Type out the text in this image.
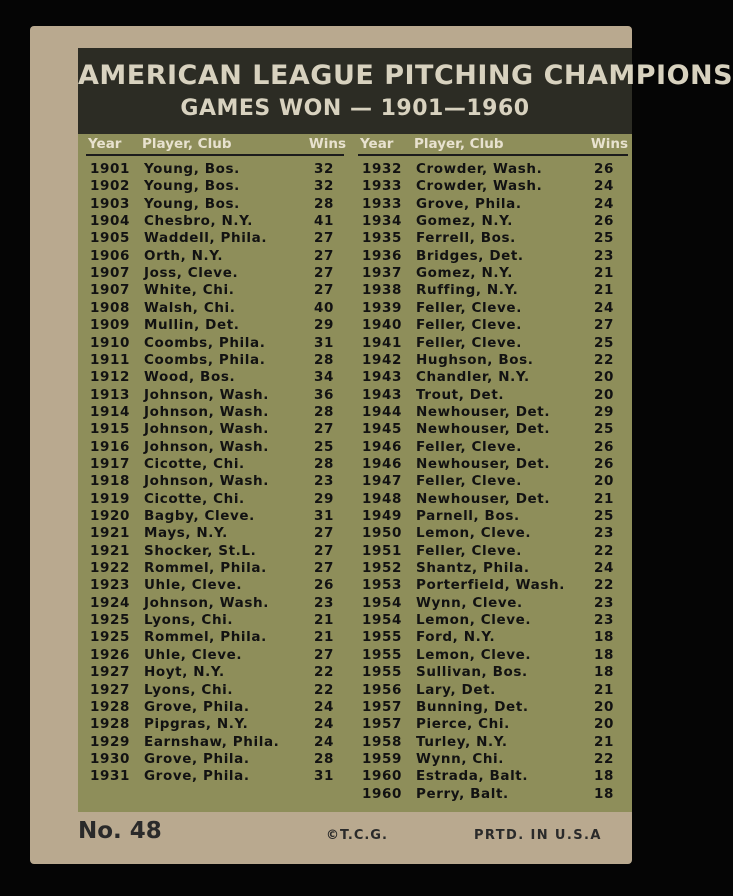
AMERICAN LEAGUE PITCHING CHAMPIONS
GAMES WON — 1901—1960
Year Player, Club	Wins Year Player, Club	Wins
1901 Young, Bos.	32
1902 Young, Bos.	32
1903 Young, Bos.	28
1904 Chesbro, N.Y.	41
1905 Waddell, Phila.	27
1906 Orth, N.Y.	27
1907 Joss, Cleve.	27
1907 White, Chi.	27
1908 Walsh, Chi.	40
1909 Mullin, Det.	29
1910 Coombs, Phila.	31
1911 Coombs, Phila.	28
1912 Wood, Bos.	34
1913 Johnson, Wash.	36
1914 Johnson, Wash.	28
1915 Johnson, Wash.	27
1916 Johnson, Wash.	25
1917 Cicotte, Chi.	28
1918 Johnson, Wash.	23
1919 Cicotte, Chi.	29
1920 Bagby, Cleve.	31
1921 Mays, N.Y.	27
1921 Shocker, St.L.	27
1922 Rommel, Phila.	27
1923 Uhle, Cleve.	26
1924 Johnson, Wash.	23
1925 Lyons, Chi.	21
1925 Rommel, Phila.	21
1926 Uhle, Cleve.	27
1927 Hoyt, N.Y.	22
1927 Lyons, Chi.	22
1928 Grove, Phila.	24
1928 Pipgras, N.Y.	24
1929 Earnshaw, Phila.	24
1930 Grove, Phila.	28
1931 Grove, Phila.	31
1932 Crowder, Wash.	26
1933 Crowder, Wash.	24
1933 Grove, Phila.	24
1934 Gomez, N.Y.	26
1935 Ferrell, Bos.	25
1936 Bridges, Det.	23
1937 Gomez, N.Y.	21
1938 Ruffing, N.Y.	21
1939 Feller, Cleve.	24
1940 Feller, Cleve.	27
1941 Feller, Cleve.	25
1942 Hughson, Bos.	22
1943 Chandler, N.Y.	20
1943 Trout, Det.	20
1944 Newhouser, Det.	29
1945 Newhouser, Det.	25
1946 Feller, Cleve.	26
1946 Newhouser, Det.	26
1947 Feller, Cleve.	20
1948 Newhouser, Det.	21
1949 Parnell, Bos.	25
1950 Lemon, Cleve.	23
1951 Feller, Cleve.	22
1952 Shantz, Phila.	24
1953 Porterfield, Wash. 22
1954 Wynn, Cleve.	23
1954 Lemon, Cleve.	23
1955 Ford, N.Y.	18
1955 Lemon, Cleve.	18
1955 Sullivan, Bos.	18
1956 Lary, Det.	21
1957 Bunning, Det.	20
1957 Pierce, Chi.	20
1958 Turley, N.Y.	21
1959 Wynn, Chi.	22
1960 Estrada, Balt.	18
1960 Perry, Balt.	18
No. 48	©T.C.G.	PRTD. IN U.S.A
